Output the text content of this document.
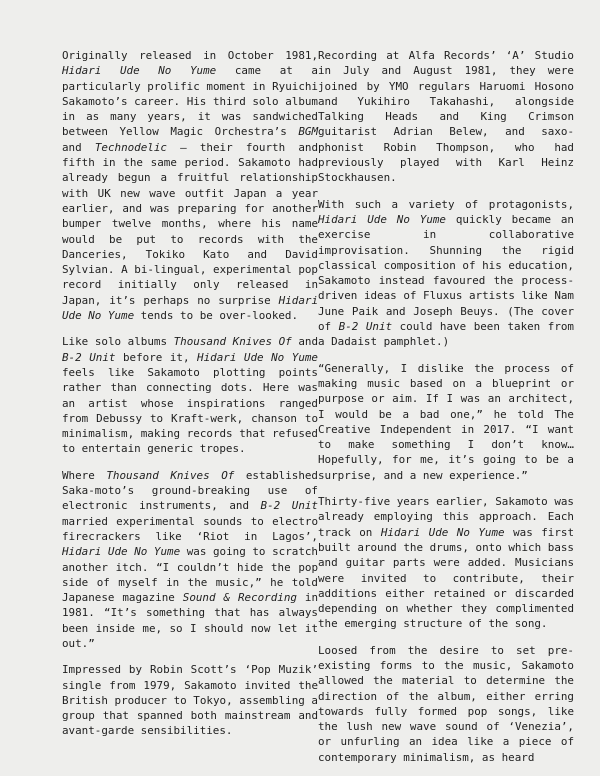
Originally released in October 1981, Hidari Ude No Yume came at a particularly prolific moment in Ryuichi Sakamoto’s career. His third solo album in as many years, it was sandwiched between Yellow Magic Orchestra’s BGM and Technodelic – their fourth and fifth in the same period. Sakamoto had already begun a fruitful relationship with UK new wave outfit Japan a year earlier, and was preparing for another bumper twelve months, where his name would be put to records with the Danceries, Tokiko Kato and David Sylvian. A bi-lingual, experimental pop record initially only released in Japan, it’s perhaps no surprise Hidari Ude No Yume tends to be over-looked.

Like solo albums Thousand Knives Of and B-2 Unit before it, Hidari Ude No Yume feels like Sakamoto plotting points rather than connecting dots. Here was an artist whose inspirations ranged from Debussy to Kraft-werk, chanson to minimalism, making records that refused to entertain generic tropes.

Where Thousand Knives Of established Saka-moto’s ground-breaking use of electronic instruments, and B-2 Unit married experimental sounds to electro firecrackers like ‘Riot in Lagos’, Hidari Ude No Yume was going to scratch another itch. “I couldn’t hide the pop side of myself in the music,” he told Japanese magazine Sound & Recording in 1981. “It’s something that has always been inside me, so I should now let it out.”

Impressed by Robin Scott’s ‘Pop Muzik’ single from 1979, Sakamoto invited the British producer to Tokyo, assembling a group that spanned both mainstream and avant-garde sensibilities.

Recording at Alfa Records’ ‘A’ Studio in July and August 1981, they were joined by YMO regulars Haruomi Hosono and Yukihiro Takahashi, alongside Talking Heads and King Crimson guitarist Adrian Belew, and saxo-phonist Robin Thompson, who had previously played with Karl Heinz Stockhausen.

With such a variety of protagonists, Hidari Ude No Yume quickly became an exercise in collaborative improvisation. Shunning the rigid classical composition of his education, Sakamoto instead favoured the process-driven ideas of Fluxus artists like Nam June Paik and Joseph Beuys. (The cover of B-2 Unit could have been taken from a Dadaist pamphlet.)

“Generally, I dislike the process of making music based on a blueprint or purpose or aim. If I was an architect, I would be a bad one,” he told The Creative Independent in 2017. “I want to make something I don’t know… Hopefully, for me, it’s going to be a surprise, and a new experience.”

Thirty-five years earlier, Sakamoto was already employing this approach. Each track on Hidari Ude No Yume was first built around the drums, onto which bass and guitar parts were added. Musicians were invited to contribute, their additions either retained or discarded depending on whether they complimented the emerging structure of the song.

Loosed from the desire to set pre-existing forms to the music, Sakamoto allowed the material to determine the direction of the album, either erring towards fully formed pop songs, like the lush new wave sound of ‘Venezia’, or unfurling an idea like a piece of contemporary minimalism, as heard
